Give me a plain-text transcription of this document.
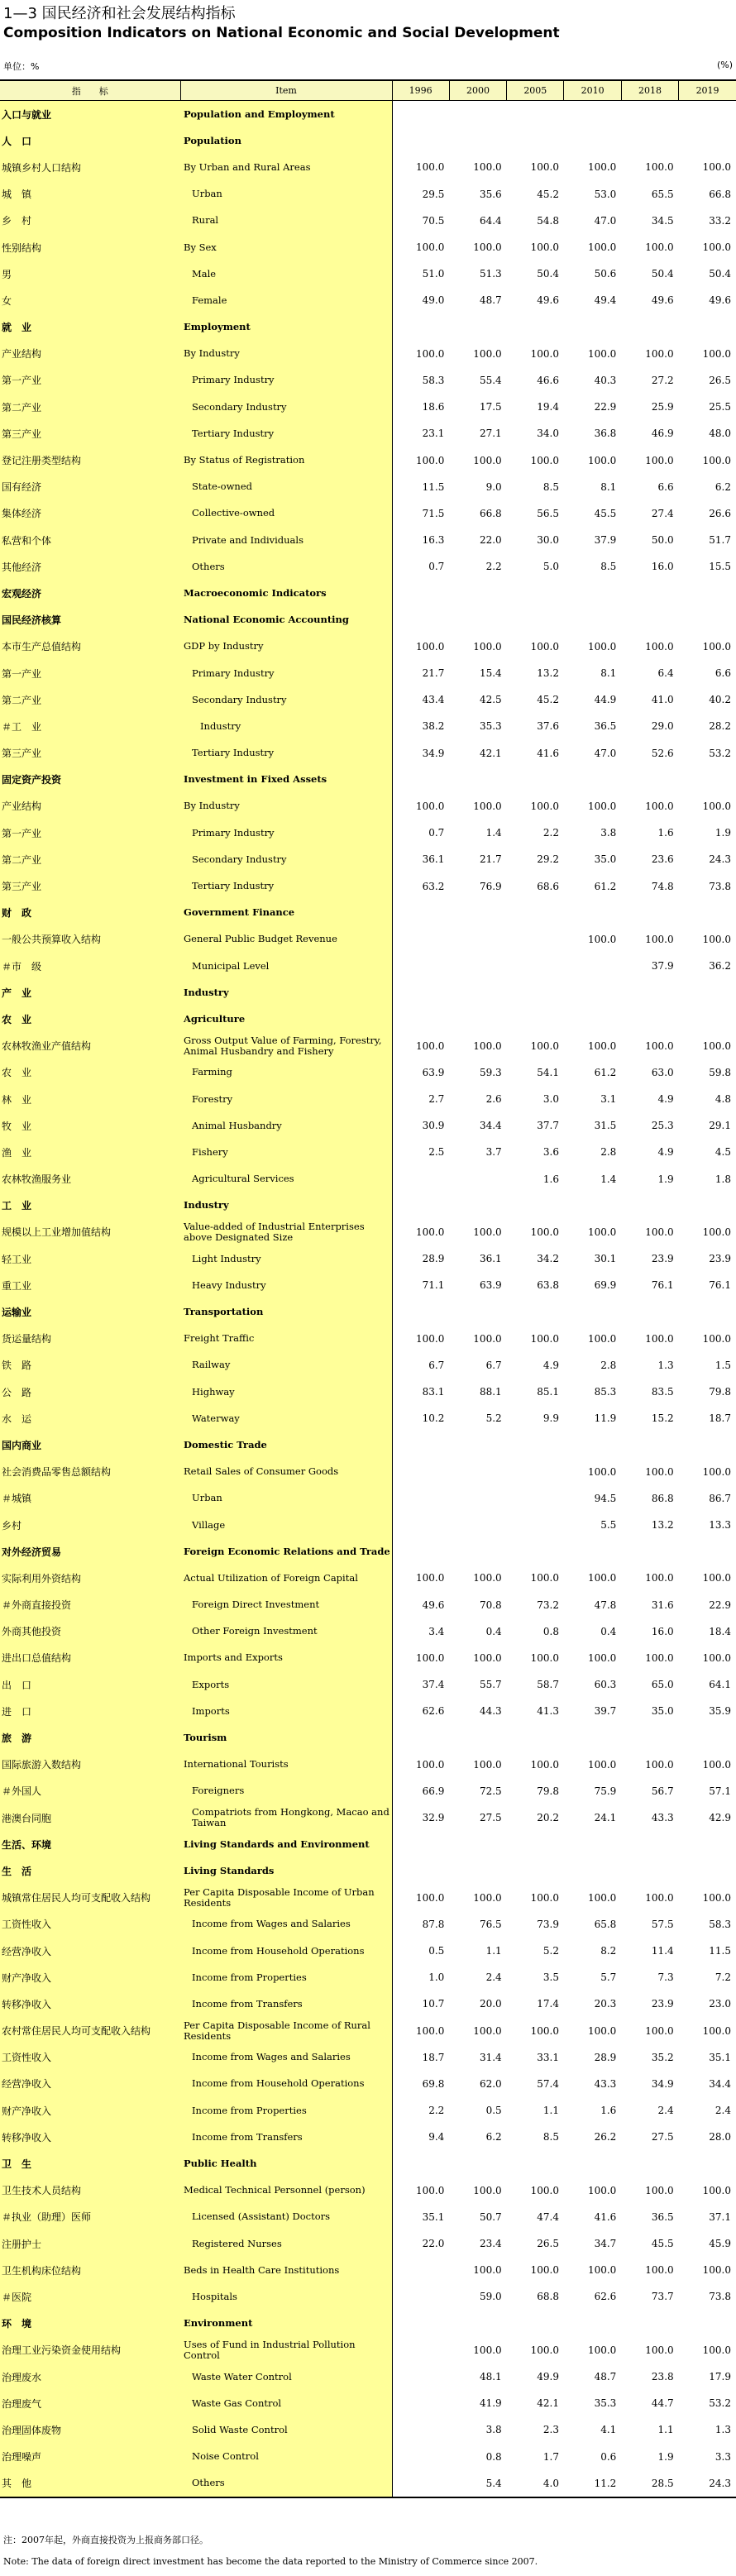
1—3 国民经济和社会发展结构指标
Composition Indicators on National Economic and Social Development
单位：%	(%)
指　　标	Item	1996	2000	2005	2010	2018	2019
入口与就业	Population and Employment						
人　口	Population						
城镇乡村人口结构	By Urban and Rural Areas	100.0	100.0	100.0	100.0	100.0	100.0
城　镇	Urban	29.5	35.6	45.2	53.0	65.5	66.8
乡　村	Rural	70.5	64.4	54.8	47.0	34.5	33.2
性别结构	By Sex	100.0	100.0	100.0	100.0	100.0	100.0
男	Male	51.0	51.3	50.4	50.6	50.4	50.4
女	Female	49.0	48.7	49.6	49.4	49.6	49.6
就　业	Employment						
产业结构	By Industry	100.0	100.0	100.0	100.0	100.0	100.0
第一产业	Primary Industry	58.3	55.4	46.6	40.3	27.2	26.5
第二产业	Secondary Industry	18.6	17.5	19.4	22.9	25.9	25.5
第三产业	Tertiary Industry	23.1	27.1	34.0	36.8	46.9	48.0
登记注册类型结构	By Status of Registration	100.0	100.0	100.0	100.0	100.0	100.0
国有经济	State-owned	11.5	9.0	8.5	8.1	6.6	6.2
集体经济	Collective-owned	71.5	66.8	56.5	45.5	27.4	26.6
私营和个体	Private and Individuals	16.3	22.0	30.0	37.9	50.0	51.7
其他经济	Others	0.7	2.2	5.0	8.5	16.0	15.5
宏观经济	Macroeconomic Indicators						
国民经济核算	National Economic Accounting						
本市生产总值结构	GDP by Industry	100.0	100.0	100.0	100.0	100.0	100.0
第一产业	Primary Industry	21.7	15.4	13.2	8.1	6.4	6.6
第二产业	Secondary Industry	43.4	42.5	45.2	44.9	41.0	40.2
＃工　业	Industry	38.2	35.3	37.6	36.5	29.0	28.2
第三产业	Tertiary Industry	34.9	42.1	41.6	47.0	52.6	53.2
固定资产投资	Investment in Fixed Assets						
产业结构	By Industry	100.0	100.0	100.0	100.0	100.0	100.0
第一产业	Primary Industry	0.7	1.4	2.2	3.8	1.6	1.9
第二产业	Secondary Industry	36.1	21.7	29.2	35.0	23.6	24.3
第三产业	Tertiary Industry	63.2	76.9	68.6	61.2	74.8	73.8
财　政	Government Finance						
一般公共预算收入结构	General Public Budget Revenue				100.0	100.0	100.0
＃市　级	Municipal Level					37.9	36.2
产　业	Industry						
农　业	Agriculture						
农林牧渔业产值结构	Gross Output Value of Farming, Forestry, Animal Husbandry and Fishery	100.0	100.0	100.0	100.0	100.0	100.0
农　业	Farming	63.9	59.3	54.1	61.2	63.0	59.8
林　业	Forestry	2.7	2.6	3.0	3.1	4.9	4.8
牧　业	Animal Husbandry	30.9	34.4	37.7	31.5	25.3	29.1
渔　业	Fishery	2.5	3.7	3.6	2.8	4.9	4.5
农林牧渔服务业	Agricultural Services			1.6	1.4	1.9	1.8
工　业	Industry						
规模以上工业增加值结构	Value-added of Industrial Enterprises above Designated Size	100.0	100.0	100.0	100.0	100.0	100.0
轻工业	Light Industry	28.9	36.1	34.2	30.1	23.9	23.9
重工业	Heavy Industry	71.1	63.9	63.8	69.9	76.1	76.1
运输业	Transportation						
货运量结构	Freight Traffic	100.0	100.0	100.0	100.0	100.0	100.0
铁　路	Railway	6.7	6.7	4.9	2.8	1.3	1.5
公　路	Highway	83.1	88.1	85.1	85.3	83.5	79.8
水　运	Waterway	10.2	5.2	9.9	11.9	15.2	18.7
国内商业	Domestic Trade						
社会消费品零售总额结构	Retail Sales of Consumer Goods				100.0	100.0	100.0
＃城镇	Urban				94.5	86.8	86.7
乡村	Village				5.5	13.2	13.3
对外经济贸易	Foreign Economic Relations and Trade						
实际利用外资结构	Actual Utilization of Foreign Capital	100.0	100.0	100.0	100.0	100.0	100.0
＃外商直接投资	Foreign Direct Investment	49.6	70.8	73.2	47.8	31.6	22.9
外商其他投资	Other Foreign Investment	3.4	0.4	0.8	0.4	16.0	18.4
进出口总值结构	Imports and Exports	100.0	100.0	100.0	100.0	100.0	100.0
出　口	Exports	37.4	55.7	58.7	60.3	65.0	64.1
进　口	Imports	62.6	44.3	41.3	39.7	35.0	35.9
旅　游	Tourism						
国际旅游入数结构	International Tourists	100.0	100.0	100.0	100.0	100.0	100.0
＃外国人	Foreigners	66.9	72.5	79.8	75.9	56.7	57.1
港澳台同胞	Compatriots from Hongkong, Macao and Taiwan	32.9	27.5	20.2	24.1	43.3	42.9
生活、环境	Living Standards and Environment						
生　活	Living Standards						
城镇常住居民人均可支配收入结构	Per Capita Disposable Income of Urban Residents	100.0	100.0	100.0	100.0	100.0	100.0
工资性收入	Income from Wages and Salaries	87.8	76.5	73.9	65.8	57.5	58.3
经营净收入	Income from Household Operations	0.5	1.1	5.2	8.2	11.4	11.5
财产净收入	Income from Properties	1.0	2.4	3.5	5.7	7.3	7.2
转移净收入	Income from Transfers	10.7	20.0	17.4	20.3	23.9	23.0
农村常住居民人均可支配收入结构	Per Capita Disposable Income of Rural Residents	100.0	100.0	100.0	100.0	100.0	100.0
工资性收入	Income from Wages and Salaries	18.7	31.4	33.1	28.9	35.2	35.1
经营净收入	Income from Household Operations	69.8	62.0	57.4	43.3	34.9	34.4
财产净收入	Income from Properties	2.2	0.5	1.1	1.6	2.4	2.4
转移净收入	Income from Transfers	9.4	6.2	8.5	26.2	27.5	28.0
卫　生	Public Health						
卫生技术人员结构	Medical Technical Personnel (person)	100.0	100.0	100.0	100.0	100.0	100.0
＃执业（助理）医师	Licensed (Assistant) Doctors	35.1	50.7	47.4	41.6	36.5	37.1
注册护士	Registered Nurses	22.0	23.4	26.5	34.7	45.5	45.9
卫生机构床位结构	Beds in Health Care Institutions		100.0	100.0	100.0	100.0	100.0
＃医院	Hospitals		59.0	68.8	62.6	73.7	73.8
环　境	Environment						
治理工业污染资金使用结构	Uses of Fund in Industrial Pollution Control		100.0	100.0	100.0	100.0	100.0
治理废水	Waste Water Control		48.1	49.9	48.7	23.8	17.9
治理废气	Waste Gas Control		41.9	42.1	35.3	44.7	53.2
治理固体废物	Solid Waste Control		3.8	2.3	4.1	1.1	1.3
治理噪声	Noise Control		0.8	1.7	0.6	1.9	3.3
其　他	Others		5.4	4.0	11.2	28.5	24.3
注：2007年起，外商直接投资为上报商务部口径。
Note: The data of foreign direct investment has become the data reported to the Ministry of Commerce since 2007.
